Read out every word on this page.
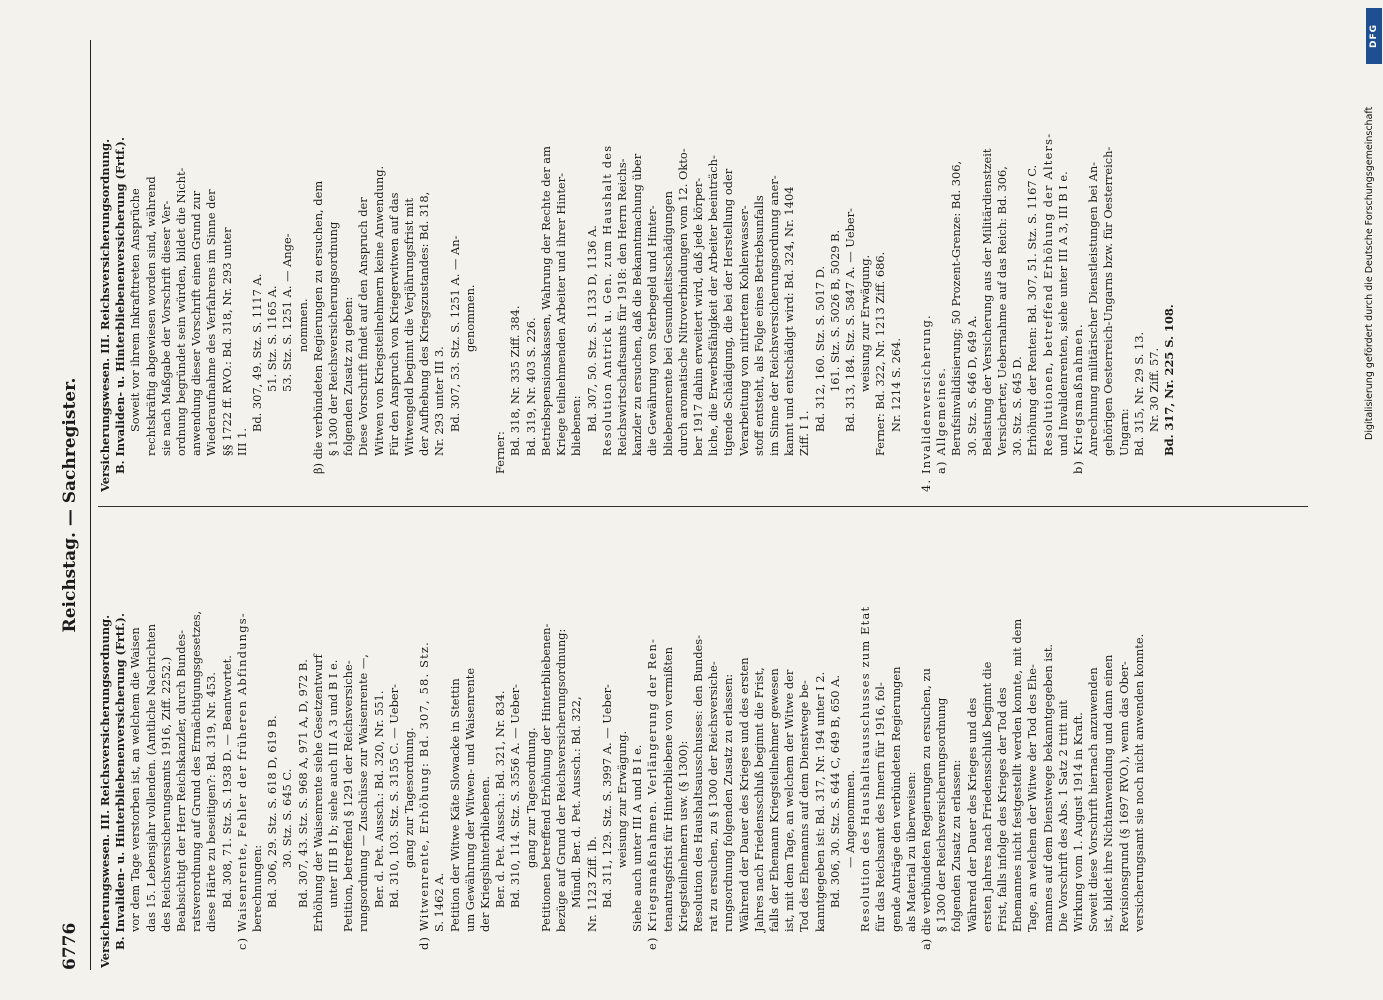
6776
Reichstag. — Sachregister.
Versicherungswesen. III. Reichsversicherungsordnung. B. Invaliden- u. Hinterbliebenenversicherung (Frtf.). vor dem Tage verstorben ist, an welchem die Waisen das 15. Lebensjahr vollenden. (Amtliche Nachrichten des Reichsversicherungsamts 1916, Ziff. 2252.) Beabsichtigt der Herr Reichskanzler, durch Bundes- ratsverordnung auf Grund des Ermächtigungsgesetzes, diese Härte zu beseitigen?: Bd. 319, Nr. 453. Bd. 308, 71. Stz. S. 1938 D. — Beantwortet. c) Waisenrente, Fehler der früheren Abfindungs- berechnungen: Bd. 306, 29. Stz. S. 618 D, 619 B. 30. Stz. S. 645 C. Bd. 307, 43. Stz. S. 968 A, 971 A, D, 972 B. Erhöhung der Waisenrente siehe Gesetzentwurf unter III B I b; siehe auch III A 3 und B I e. Petition, betreffend § 1291 der Reichsversiche- rungsordnung — Zuschüsse zur Waisenrente —, Ber. d. Pet. Aussch.: Bd. 320, Nr. 551. Bd. 310, 103. Stz. S. 3155 C. — Ueber- gang zur Tagesordnung. d) Witwenrente, Erhöhung: Bd. 307, 58. Stz. S. 1462 A. Petition der Witwe Käte Slowacke in Stettin um Gewährung der Witwen- und Waisenrente der Kriegshinterbliebenen. Ber. d. Pet. Aussch.: Bd. 321, Nr. 834. Bd. 310, 114. Stz. S. 3556 A. — Ueber- gang zur Tagesordnung. Petitionen betreffend Erhöhung der Hinterbliebenen- bezüge auf Grund der Reichsversicherungsordnung: Mündl. Ber. d. Pet. Aussch.: Bd. 322, Nr. 1123 Ziff. Ib. Bd. 311, 129. Stz. S. 3997 A. — Ueber- weisung zur Erwägung. Siehe auch unter III A und B I e. e) Kriegsmaßnahmen. Verlängerung der Ren- tenantragsfrist für Hinterbliebene von vermißten Kriegsteilnehmern usw. (§ 1300): Resolution des Haushaltsausschusses: den Bundes- rat zu ersuchen, zu § 1300 der Reichsversiche- rungsordnung folgenden Zusatz zu erlassen: Während der Dauer des Krieges und des ersten Jahres nach Friedensschluß beginnt die Frist, falls der Ehemann Kriegsteilnehmer gewesen ist, mit dem Tage, an welchem der Witwe der Tod des Ehemanns auf dem Dienstwege be- kanntgegeben ist: Bd. 317, Nr. 194 unter I 2. Bd. 306, 30. Stz. S. 644 C, 649 B, 650 A. — Angenommen. Resolution des Haushaltsausschusses zum Etat für das Reichsamt des Innern für 1916, fol- gende Anträge den verbündeten Regierungen als Material zu überweisen: a) die verbündeten Regierungen zu ersuchen, zu § 1300 der Reichsversicherungsordnung folgenden Zusatz zu erlassen: Während der Dauer des Krieges und des ersten Jahres nach Friedensschluß beginnt die Frist, falls infolge des Krieges der Tod des Ehemannes nicht festgestellt werden konnte, mit dem Tage, an welchem der Witwe der Tod des Ehe- mannes auf dem Dienstwege bekanntgegeben ist. Die Vorschrift des Abs. 1 Satz 2 tritt mit Wirkung vom 1. August 1914 in Kraft. Soweit diese Vorschrift hiernach anzuwenden ist, bildet ihre Nichtanwendung und dann einen Revisionsgrund (§ 1697 RVO.), wenn das Ober- versicherungsamt sie noch nicht anwenden konnte.
Versicherungswesen. III. Reichsversicherungsordnung. B. Invaliden- u. Hinterbliebenenversicherung (Frtf.). Soweit vor ihrem Inkrafttreten Ansprüche rechtskräftig abgewiesen worden sind, während sie nach Maßgabe der Vorschrift dieser Ver- ordnung begründet sein würden, bildet die Nicht- anwendung dieser Vorschrift einen Grund zur Wiederaufnahme des Verfahrens im Sinne der §§ 1722 ff. RVO.: Bd. 318, Nr. 293 unter III 1.
Bd. 307, 49. Stz. S. 1117 A. 51. Stz. S. 1165 A. 53. Stz. S. 1251 A. — Ange- nommen. β) die verbündeten Regierungen zu ersuchen, dem § 1300 der Reichsversicherungsordnung folgenden Zusatz zu geben: Diese Vorschrift findet auf den Anspruch der Witwen von Kriegsteilnehmern keine Anwendung. Für den Anspruch von Kriegerwitwen auf das Witwengeld beginnt die Verjährungsfrist mit der Aufhebung des Kriegszustandes: Bd. 318, Nr. 293 unter III 3. Bd. 307, 53. Stz. S. 1251 A. — An- genommen.

Ferner: Bd. 318, Nr. 335 Ziff. 384. Bd. 319, Nr. 403 S. 226. Betriebspensionskassen, Wahrung der Rechte der am Kriege teilnehmenden Arbeiter und ihrer Hinter- bliebenen: Bd. 307, 50. Stz. S. 1133 D, 1136 A. Resolution Antrick u. Gen. zum Haushalt des Reichswirtschaftsamts für 1918: den Herrn Reichs- kanzler zu ersuchen, daß die Bekanntmachung über die Gewährung von Sterbegeld und Hinter- bliebenenrente bei Gesundheitsschädigungen durch aromatische Nitroverbindungen vom 12. Okto- ber 1917 dahin erweitert wird, daß jede körper- liche, die Erwerbsfähigkeit der Arbeiter beeinträch- tigende Schädigung, die bei der Herstellung oder Verarbeitung von nitriertem Kohlenwasser- stoff entsteht, als Folge eines Betriebsunfalls im Sinne der Reichsversicherungsordnung aner- kannt und entschädigt wird: Bd. 324, Nr. 1404 Ziff. I 1.
Bd. 312, 160. Stz. S. 5017 D. 161. Stz. S. 5026 B, 5029 B. Bd. 313, 184. Stz. S. 5847 A. — Ueber- weisung zur Erwägung. Ferner: Bd. 322, Nr. 1213 Ziff. 686. Nr. 1214 S. 264.
4. Invalidenversicherung. a) Allgemeines. Berufsinvalidisierung; 50 Prozent-Grenze: Bd. 306, 30. Stz. S. 646 D, 649 A. Belastung der Versicherung aus der Militärdienstzeit Versicherter, Uebernahme auf das Reich: Bd. 306, 30. Stz. S. 645 D. Erhöhung der Renten: Bd. 307, 51. Stz. S. 1167 C. Resolutionen, betreffend Erhöhung der Alters- und Invalidenrenten, siehe unter III A 3, III B I e. b) Kriegsmaßnahmen. Anrechnung militärischer Dienstleistungen bei An- gehörigen Oesterreich-Ungarns bzw. für Oesterreich- Ungarn: Bd. 315, Nr. 29 S. 13. Nr. 30 Ziff. 57. Bd. 317, Nr. 225 S. 108.
DFG
Digitalisierung gefördert durch die Deutsche Forschungsgemeinschaft
